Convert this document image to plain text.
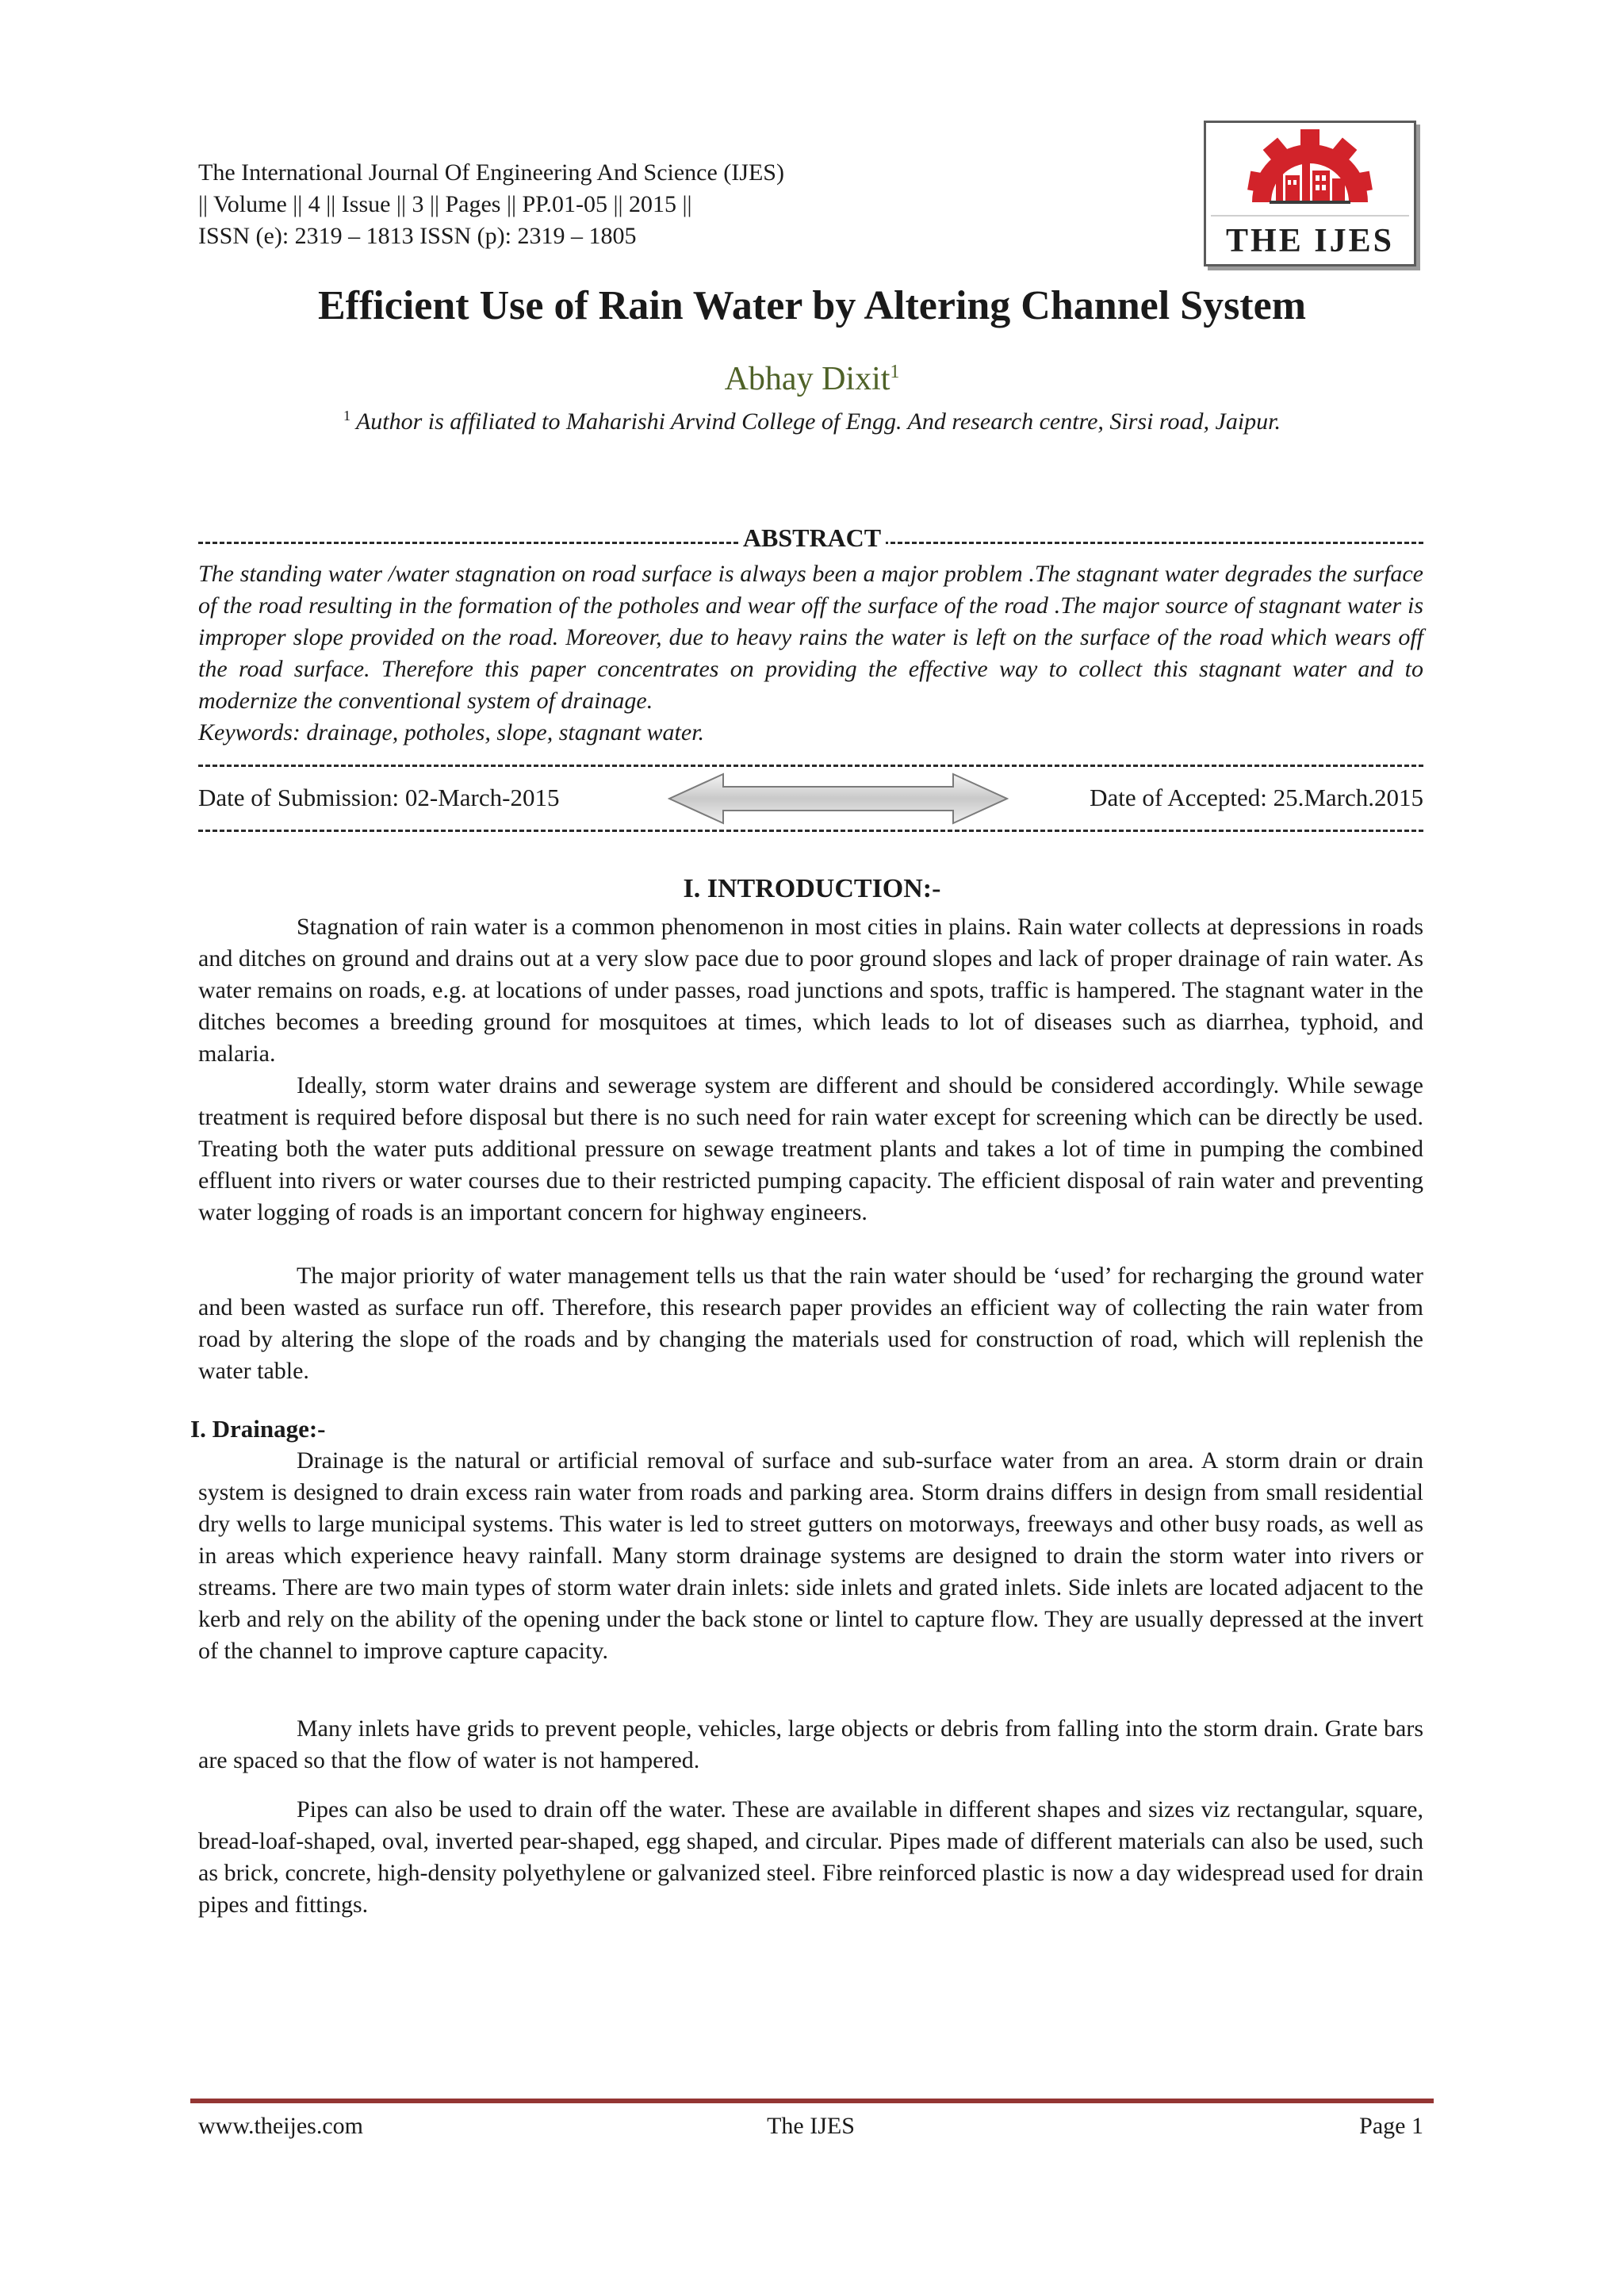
The International Journal Of Engineering And Science (IJES)
|| Volume || 4 || Issue || 3 || Pages || PP.01-05 || 2015 ||
ISSN (e): 2319 – 1813 ISSN (p): 2319 – 1805	THE IJES
Efficient Use of Rain Water by Altering Channel System
Abhay Dixit$^1$
$^1$ Author is affiliated to Maharishi Arvind College of Engg. And research centre, Sirsi road, Jaipur.
ABSTRACT
The standing water /water stagnation on road surface is always been a major problem .The stagnant water degrades the surface of the road resulting in the formation of the potholes and wear off the surface of the road .The major source of stagnant water is improper slope provided on the road. Moreover, due to heavy rains the water is left on the surface of the road which wears off the road surface. Therefore this paper concentrates on providing the effective way to collect this stagnant water and to modernize the conventional system of drainage.
Keywords: drainage, potholes, slope, stagnant water.
Date of Submission: 02-March-2015	Date of Accepted: 25.March.2015
I. INTRODUCTION:-

Stagnation of rain water is a common phenomenon in most cities in plains. Rain water collects at depressions in roads and ditches on ground and drains out at a very slow pace due to poor ground slopes and lack of proper drainage of rain water. As water remains on roads, e.g. at locations of under passes, road junctions and spots, traffic is hampered. The stagnant water in the ditches becomes a breeding ground for mosquitoes at times, which leads to lot of diseases such as diarrhea, typhoid, and malaria.

Ideally, storm water drains and sewerage system are different and should be considered accordingly. While sewage treatment is required before disposal but there is no such need for rain water except for screening which can be directly be used. Treating both the water puts additional pressure on sewage treatment plants and takes a lot of time in pumping the combined effluent into rivers or water courses due to their restricted pumping capacity. The efficient disposal of rain water and preventing water logging of roads is an important concern for highway engineers.

The major priority of water management tells us that the rain water should be ‘used’ for recharging the ground water and been wasted as surface run off. Therefore, this research paper provides an efficient way of collecting the rain water from road by altering the slope of the roads and by changing the materials used for construction of road, which will replenish the water table.

I. Drainage:-

Drainage is the natural or artificial removal of surface and sub-surface water from an area. A storm drain or drain system is designed to drain excess rain water from roads and parking area. Storm drains differs in design from small residential dry wells to large municipal systems. This water is led to street gutters on motorways, freeways and other busy roads, as well as in areas which experience heavy rainfall. Many storm drainage systems are designed to drain the storm water into rivers or streams. There are two main types of storm water drain inlets: side inlets and grated inlets. Side inlets are located adjacent to the kerb and rely on the ability of the opening under the back stone or lintel to capture flow. They are usually depressed at the invert of the channel to improve capture capacity.

Many inlets have grids to prevent people, vehicles, large objects or debris from falling into the storm drain. Grate bars are spaced so that the flow of water is not hampered.

Pipes can also be used to drain off the water. These are available in different shapes and sizes viz rectangular, square, bread-loaf-shaped, oval, inverted pear-shaped, egg shaped, and circular. Pipes made of different materials can also be used, such as brick, concrete, high-density polyethylene or galvanized steel. Fibre reinforced plastic is now a day widespread used for drain pipes and fittings.

www.theijes.com	The IJES	Page 1
